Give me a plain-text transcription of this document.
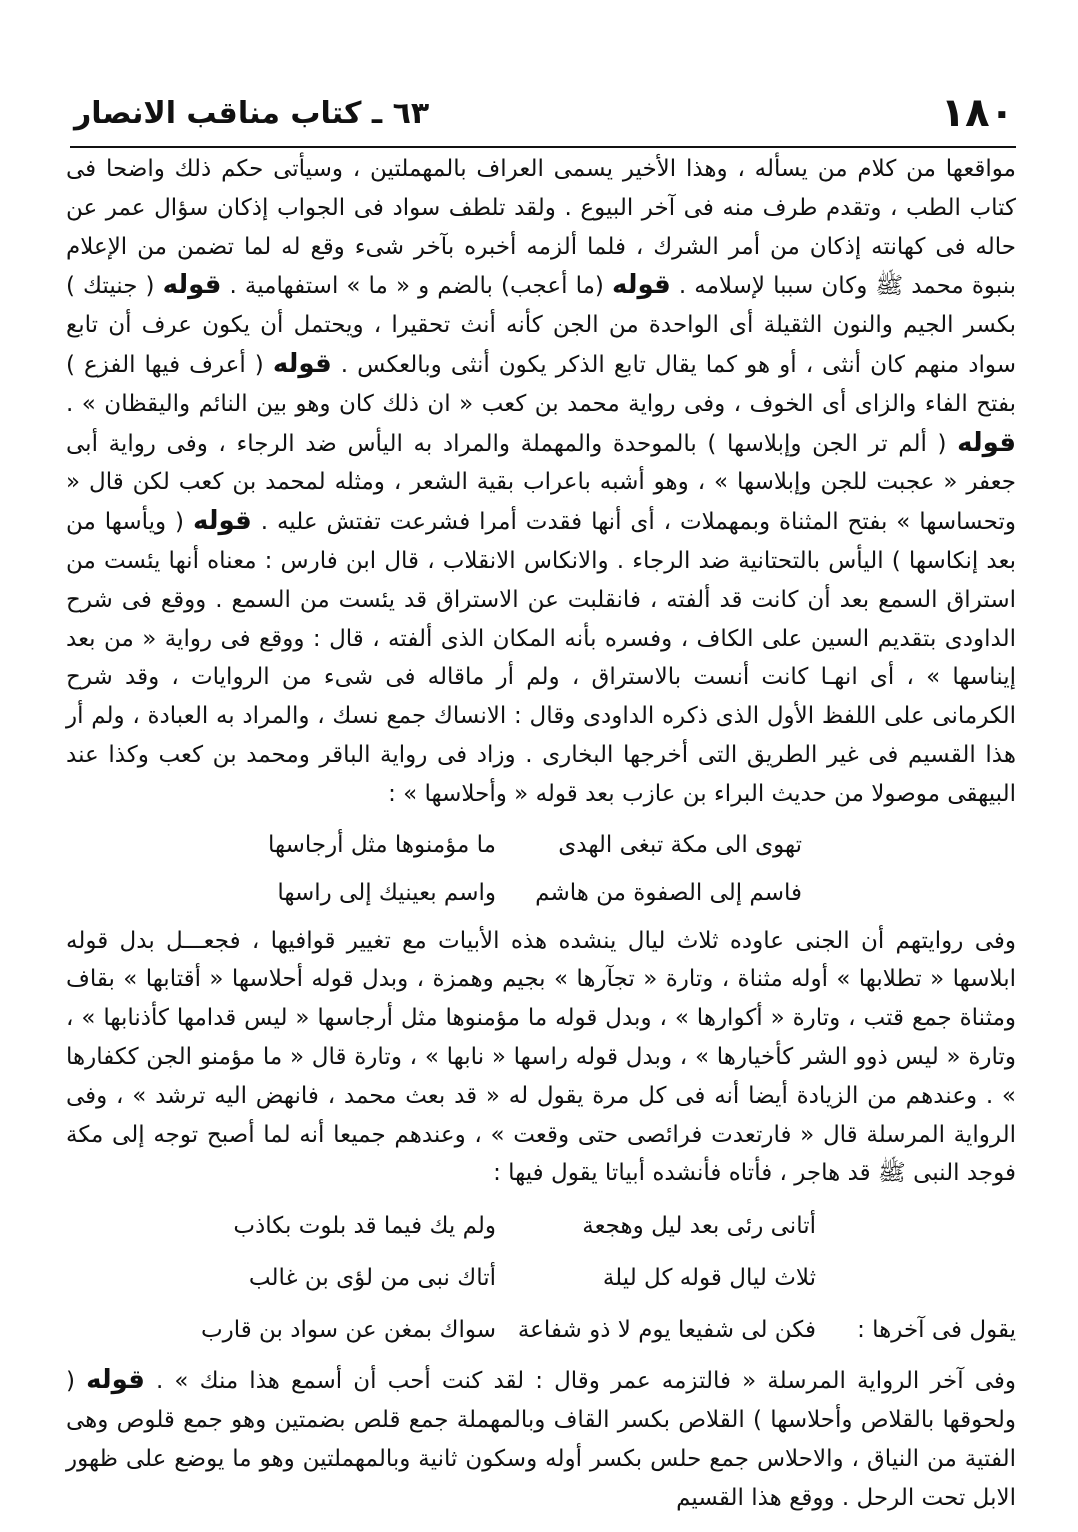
١٨٠
٦٣ ـ كتاب مناقب الانصار

مواقعها من كلام من يسأله ، وهذا الأخير يسمى العراف بالمهملتين ، وسيأتى حكم ذلك واضحا فى كتاب الطب ، وتقدم طرف منه فى آخر البيوع . ولقد تلطف سواد فى الجواب إذكان سؤال عمر عن حاله فى كهانته إذكان من أمر الشرك ، فلما ألزمه أخبره بآخر شىء وقع له لما تضمن من الإعلام بنبوة محمد ﷺ وكان سببا لإسلامه . قوله (ما أعجب) بالضم و « ما » استفهامية . قوله ( جنيتك ) بكسر الجيم والنون الثقيلة أى الواحدة من الجن كأنه أنث تحقيرا ، ويحتمل أن يكون عرف أن تابع سواد منهم كان أنثى ، أو هو كما يقال تابع الذكر يكون أنثى وبالعكس . قوله ( أعرف فيها الفزع ) بفتح الفاء والزاى أى الخوف ، وفى رواية محمد بن كعب « ان ذلك كان وهو بين النائم واليقظان » . قوله ( ألم تر الجن وإبلاسها ) بالموحدة والمهملة والمراد به اليأس ضد الرجاء ، وفى رواية أبى جعفر « عجبت للجن وإبلاسها » ، وهو أشبه باعراب بقية الشعر ، ومثله لمحمد بن كعب لكن قال « وتحساسها » بفتح المثناة وبمهملات ، أى أنها فقدت أمرا فشرعت تفتش عليه . قوله ( ويأسها من بعد إنكاسها ) اليأس بالتحتانية ضد الرجاء . والانكاس الانقلاب ، قال ابن فارس : معناه أنها يئست من استراق السمع بعد أن كانت قد ألفته ، فانقلبت عن الاستراق قد يئست من السمع . ووقع فى شرح الداودى بتقديم السين على الكاف ، وفسره بأنه المكان الذى ألفته ، قال : ووقع فى رواية « من بعد إيناسها » ، أى انهـا كانت أنست بالاستراق ، ولم أر ماقاله فى شىء من الروايات ، وقد شرح الكرمانى على اللفظ الأول الذى ذكره الداودى وقال : الانساك جمع نسك ، والمراد به العبادة ، ولم أر هذا القسيم فى غير الطريق التى أخرجها البخارى . وزاد فى رواية الباقر ومحمد بن كعب وكذا عند البيهقى موصولا من حديث البراء بن عازب بعد قوله « وأحلاسها » :

تهوى الى مكة تبغى الهدى
ما مؤمنوها مثل أرجاسها
فاسم إلى الصفوة من هاشم
واسم بعينيك إلى راسها

وفى روايتهم أن الجنى عاوده ثلاث ليال ينشده هذه الأبيات مع تغيير قوافيها ، فجعـــل بدل قوله ابلاسها « تطلابها » أوله مثناة ، وتارة « تجآرها » بجيم وهمزة ، وبدل قوله أحلاسها « أقتابها » بقاف ومثناة جمع قتب ، وتارة « أكوارها » ، وبدل قوله ما مؤمنوها مثل أرجاسها « ليس قدامها كأذنابها » ، وتارة « ليس ذوو الشر كأخيارها » ، وبدل قوله راسها « نابها » ، وتارة قال « ما مؤمنو الجن ككفارها » . وعندهم من الزيادة أيضا أنه فى كل مرة يقول له « قد بعث محمد ، فانهض اليه ترشد » ، وفى الرواية المرسلة قال « فارتعدت فرائصى حتى وقعت » ، وعندهم جميعا أنه لما أصبح توجه إلى مكة فوجد النبى ﷺ قد هاجر ، فأتاه فأنشده أبياتا يقول فيها :

أتانى رئى بعد ليل وهجعة
ولم يك فيما قد بلوت بكاذب
ثلاث ليال قوله كل ليلة
أتاك نبى من لؤى بن غالب
يقول فى آخرها :
فكن لى شفيعا يوم لا ذو شفاعة
سواك بمغن عن سواد بن قارب

وفى آخر الرواية المرسلة « فالتزمه عمر وقال : لقد كنت أحب أن أسمع هذا منك » . قوله ( ولحوقها بالقلاص وأحلاسها ) القلاص بكسر القاف وبالمهملة جمع قلص بضمتين وهو جمع قلوص وهى الفتية من النياق ، والاحلاس جمع حلس بكسر أوله وسكون ثانية وبالمهملتين وهو ما يوضع على ظهور الابل تحت الرحل . ووقع هذا القسيم
